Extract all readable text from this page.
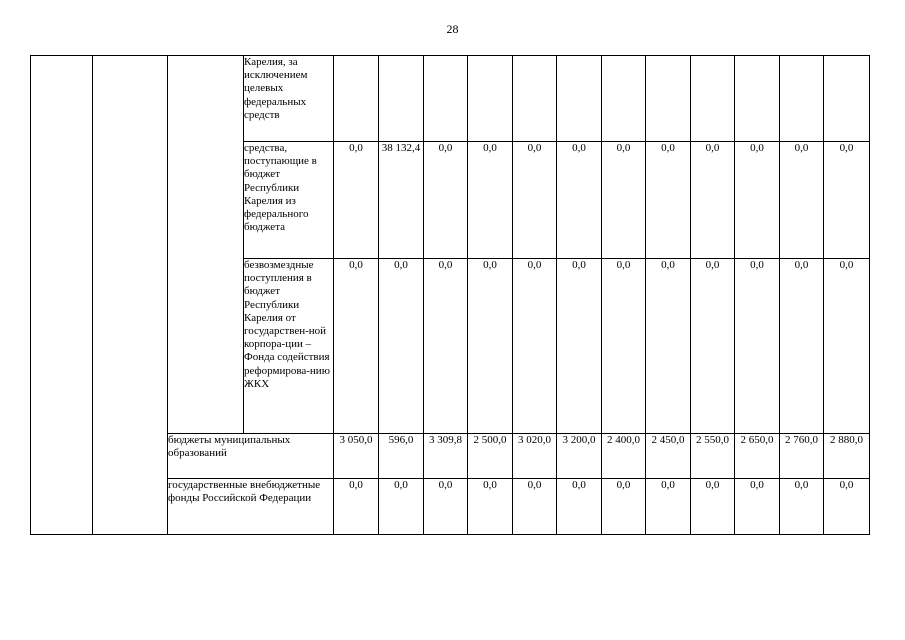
28
			Карелия, за исключением целевых федеральных средств	

			средства, поступающие в бюджет Республики Карелия из федерального бюджета	0,0	38 132,4	0,0	0,0	0,0	0,0	0,0	0,0	0,0	0,0	0,0	0,0

			безвозмездные поступления в бюджет Республики Карелия от государствен-ной корпора-ции – Фонда содействия реформирова-нию ЖКХ	0,0	0,0	0,0	0,0	0,0	0,0	0,0	0,0	0,0	0,0	0,0	0,0

		бюджеты муниципальных образований		3 050,0	596,0	3 309,8	2 500,0	3 020,0	3 200,0	2 400,0	2 450,0	2 550,0	2 650,0	2 760,0	2 880,0

		государственные внебюджетные фонды Российской Федерации		0,0	0,0	0,0	0,0	0,0	0,0	0,0	0,0	0,0	0,0	0,0	0,0
